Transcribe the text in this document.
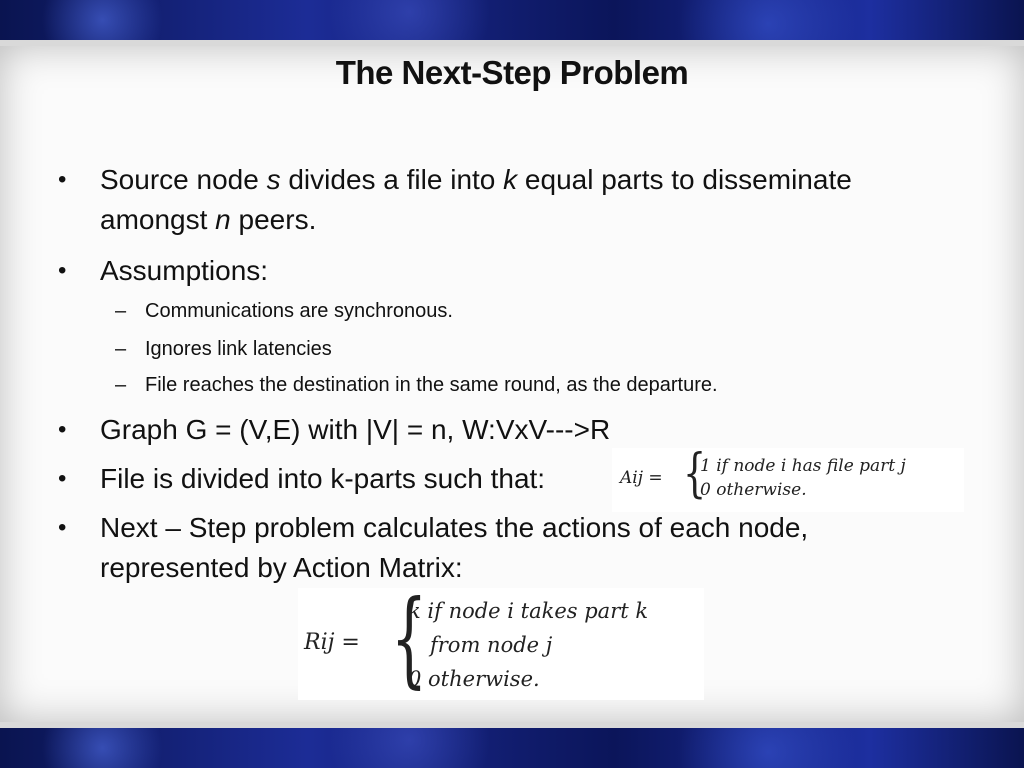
The Next-Step Problem
• Source node s divides a file into k equal parts to disseminate
amongst n peers.
• Assumptions:
– Communications are synchronous.
– Ignores link latencies
– File reaches the destination in the same round, as the departure.
• Graph G = (V,E) with |V| = n, W:VxV--->R
• File is divided into k-parts such that:
• Next – Step problem calculates the actions of each node,
represented by Action Matrix:
Aij = {
1 if node i has file part j
0 otherwise.
Rij = {
k if node i takes part k
from node j
0 otherwise.
